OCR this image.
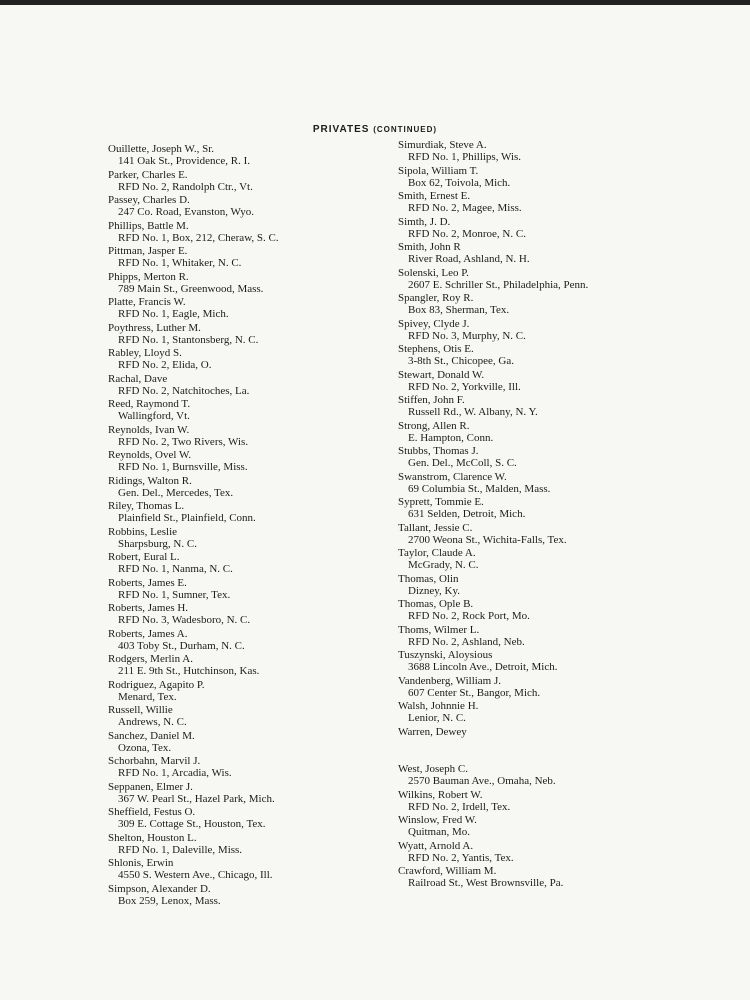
PRIVATES (CONTINUED)
Ouillette, Joseph W., Sr.
141 Oak St., Providence, R. I.
Parker, Charles E.
RFD No. 2, Randolph Ctr., Vt.
Passey, Charles D.
247 Co. Road, Evanston, Wyo.
Phillips, Battle M.
RFD No. 1, Box, 212, Cheraw, S. C.
Pittman, Jasper E.
RFD No. 1, Whitaker, N. C.
Phipps, Merton R.
789 Main St., Greenwood, Mass.
Platte, Francis W.
RFD No. 1, Eagle, Mich.
Poythress, Luther M.
RFD No. 1, Stantonsberg, N. C.
Rabley, Lloyd S.
RFD No. 2, Elida, O.
Rachal, Dave
RFD No. 2, Natchitoches, La.
Reed, Raymond T.
Wallingford, Vt.
Reynolds, Ivan W.
RFD No. 2, Two Rivers, Wis.
Reynolds, Ovel W.
RFD No. 1, Burnsville, Miss.
Ridings, Walton R.
Gen. Del., Mercedes, Tex.
Riley, Thomas L.
Plainfield St., Plainfield, Conn.
Robbins, Leslie
Sharpsburg, N. C.
Robert, Eural L.
RFD No. 1, Nanma, N. C.
Roberts, James E.
RFD No. 1, Sumner, Tex.
Roberts, James H.
RFD No. 3, Wadesboro, N. C.
Roberts, James A.
403 Toby St., Durham, N. C.
Rodgers, Merlin A.
211 E. 9th St., Hutchinson, Kas.
Rodriguez, Agapito P.
Menard, Tex.
Russell, Willie
Andrews, N. C.
Sanchez, Daniel M.
Ozona, Tex.
Schorbahn, Marvil J.
RFD No. 1, Arcadia, Wis.
Seppanen, Elmer J.
367 W. Pearl St., Hazel Park, Mich.
Sheffield, Festus O.
309 E. Cottage St., Houston, Tex.
Shelton, Houston L.
RFD No. 1, Daleville, Miss.
Shlonis, Erwin
4550 S. Western Ave., Chicago, Ill.
Simpson, Alexander D.
Box 259, Lenox, Mass.
Simurdiak, Steve A.
RFD No. 1, Phillips, Wis.
Sipola, William T.
Box 62, Toivola, Mich.
Smith, Ernest E.
RFD No. 2, Magee, Miss.
Simth, J. D.
RFD No. 2, Monroe, N. C.
Smith, John R
River Road, Ashland, N. H.
Solenski, Leo P.
2607 E. Schriller St., Philadelphia, Penn.
Spangler, Roy R.
Box 83, Sherman, Tex.
Spivey, Clyde J.
RFD No. 3, Murphy, N. C.
Stephens, Otis E.
3-8th St., Chicopee, Ga.
Stewart, Donald W.
RFD No. 2, Yorkville, Ill.
Stiffen, John F.
Russell Rd., W. Albany, N. Y.
Strong, Allen R.
E. Hampton, Conn.
Stubbs, Thomas J.
Gen. Del., McColl, S. C.
Swanstrom, Clarence W.
69 Columbia St., Malden, Mass.
Syprett, Tommie E.
631 Selden, Detroit, Mich.
Tallant, Jessie C.
2700 Weona St., Wichita-Falls, Tex.
Taylor, Claude A.
McGrady, N. C.
Thomas, Olin
Dizney, Ky.
Thomas, Ople B.
RFD No. 2, Rock Port, Mo.
Thoms, Wilmer L.
RFD No. 2, Ashland, Neb.
Tuszynski, Aloysious
3688 Lincoln Ave., Detroit, Mich.
Vandenberg, William J.
607 Center St., Bangor, Mich.
Walsh, Johnnie H.
Lenior, N. C.
Warren, Dewey
West, Joseph C.
2570 Bauman Ave., Omaha, Neb.
Wilkins, Robert W.
RFD No. 2, Irdell, Tex.
Winslow, Fred W.
Quitman, Mo.
Wyatt, Arnold A.
RFD No. 2, Yantis, Tex.
Crawford, William M.
Railroad St., West Brownsville, Pa.
